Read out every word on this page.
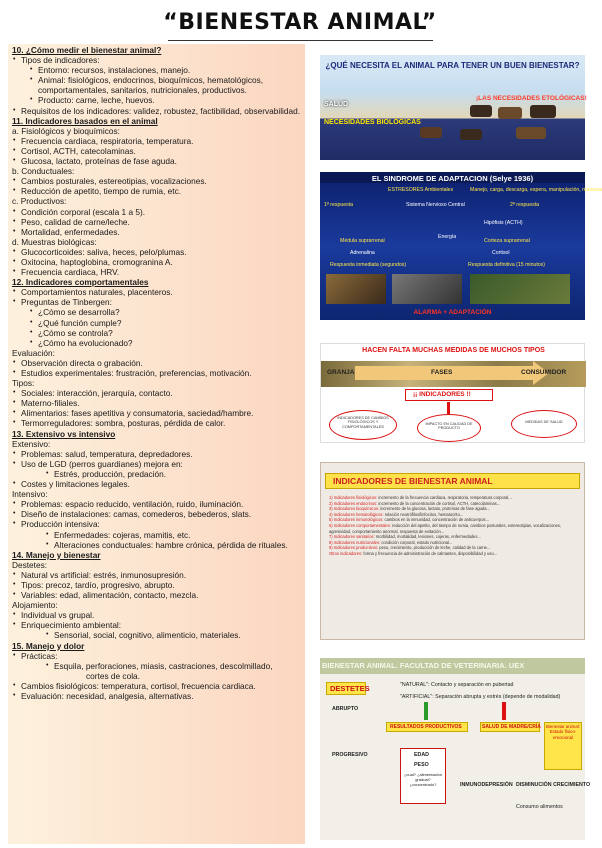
“BIENESTAR ANIMAL”

10. ¿Cómo medir el bienestar animal?

• Tipos de indicadores:

• Entorno: recursos, instalaciones, manejo.

• Animal: fisiológicos, endocrinos, bioquímicos, hematológicos, comportamentales, sanitarios, nutricionales, productivos.

• Producto: carne, leche, huevos.

• Requisitos de los indicadores: validez, robustez, factibilidad, observabilidad.

11. Indicadores basados en el animal

a. Fisiológicos y bioquímicos:

• Frecuencia cardiaca, respiratoria, temperatura.

• Cortisol, ACTH, catecolaminas.

• Glucosa, lactato, proteínas de fase aguda.

b. Conductuales:

• Cambios posturales, estereotipias, vocalizaciones.

• Reducción de apetito, tiempo de rumia, etc.

c. Productivos:

• Condición corporal (escala 1 a 5).

• Peso, calidad de carne/leche.

• Mortalidad, enfermedades.

d. Muestras biológicas:

• Glucocorticoides: saliva, heces, pelo/plumas.

• Oxitocina, haptoglobina, cromogranina A.

• Frecuencia cardiaca, HRV.

12. Indicadores comportamentales

• Comportamientos naturales, placenteros.

• Preguntas de Tinbergen:

• ¿Cómo se desarrolla?

• ¿Qué función cumple?

• ¿Cómo se controla?

• ¿Cómo ha evolucionado?

Evaluación:

• Observación directa o grabación.

• Estudios experimentales: frustración, preferencias, motivación.

Tipos:

• Sociales: interacción, jerarquía, contacto.

• Materno-filiales.

• Alimentarios: fases apetitiva y consumatoria, saciedad/hambre.

• Termorreguladores: sombra, posturas, pérdida de calor.

13. Extensivo vs intensivo

Extensivo:

• Problemas: salud, temperatura, depredadores.

• Uso de LGD (perros guardianes) mejora en:

• Estrés, producción, predación.

• Costes y limitaciones legales.

Intensivo:

• Problemas: espacio reducido, ventilación, ruido, iluminación.

• Diseño de instalaciones: camas, comederos, bebederos, slats.

• Producción intensiva:

• Enfermedades: cojeras, mamitis, etc.

• Alteraciones conductuales: hambre crónica, pérdida de rituales.

14. Manejo y bienestar

Destetes:

• Natural vs artificial: estrés, inmunosupresión.

• Tipos: precoz, tardío, progresivo, abrupto.

• Variables: edad, alimentación, contacto, mezcla.

Alojamiento:

• Individual vs grupal.

• Enriquecimiento ambiental:

• Sensorial, social, cognitivo, alimenticio, materiales.

15. Manejo y dolor

• Prácticas:

• Esquila, perforaciones, miasis, castraciones, descolmillado,

cortes de cola.

• Cambios fisiológicos: temperatura, cortisol, frecuencia cardiaca.

• Evaluación: necesidad, analgesia, alternativas.

¿QUÉ NECESITA EL ANIMAL PARA TENER UN BUEN BIENESTAR?
SALUD
NECESIDADES BIOLÓGICAS
¡LAS NECESIDADES ETOLÓGICAS!
EL SINDROME DE ADAPTACION (Selye 1936)
ESTRESORES Ambientales	Manejo, carga, descarga, espera, manipulación, matanza
1ª respuesta	Sistema Nervioso Central	2ª respuesta
Hipófisis (ACTH)
Médula suprarrenal
Energía
Corteza suprarrenal
Adrenalina	Cortisol
Respuesta inmediata (segundos)	Respuesta definitiva (15 minutos)
ALARMA + ADAPTACIÓN
HACEN FALTA MUCHAS MEDIDAS DE MUCHOS TIPOS
GRANJA	FASES	CONSUMIDOR
¡¡ INDICADORES !!
INDICADORES DE CAMBIOS FISIOLÓGICOS Y COMPORTAMENTALES
IMPACTO EN CALIDAD DE PRODUCTO
MEDIDAS DE SALUD
INDICADORES DE BIENESTAR ANIMAL
1) Indicadores fisiológicos: incremento de la frecuencia cardiaca, respiratoria, temperatura corporal...
2) Indicadores endocrinos: incremento de la concentración de cortisol, ACTH, catecolaminas...
3) Indicadores bioquímicos: incremento de la glucosa, lactato, proteínas de fase aguda...
4) Indicadores hematológicos: relación neutrófilos/linfocitos, hematocrito...
5) Indicadores inmunológicos: cambios en la inmunidad, concentración de anticuerpos...
6) Indicadores comportamentales: reducción del apetito, del tiempo de rumia, cambios posturales, estereotipias, vocalizaciones, agresividad, comportamiento anormal, respuesta de evitación...
7) Indicadores sanitarios: morbilidad, mortalidad, lesiones, cojeras, enfermedades...
8) Indicadores nutricionales: condición corporal, estado nutricional...
9) Indicadores productivos: peso, crecimiento, producción de leche, calidad de la carne...
Otros indicadores: forma y frecuencia de administración de calmantes, disponibilidad y uso...
BIENESTAR ANIMAL. FACULTAD DE VETERINARIA. UEX
DESTETES	"NATURAL": Contacto y separación en pubertad
"ARTIFICIAL": Separación abrupta y estrés (depende de modalidad)
ABRUPTO
RESULTADOS PRODUCTIVOS	SALUD DE MADRE/CRÍA Bienestar animal: Estado físico-emocional
PROGRESIVO	EDAD
PESO
¿cual? ¿alimentación gradual? ¿concentrado?	INMUNODEPRESIÓN DISMINUCIÓN CRECIMIENTO
Consumo alimentos
